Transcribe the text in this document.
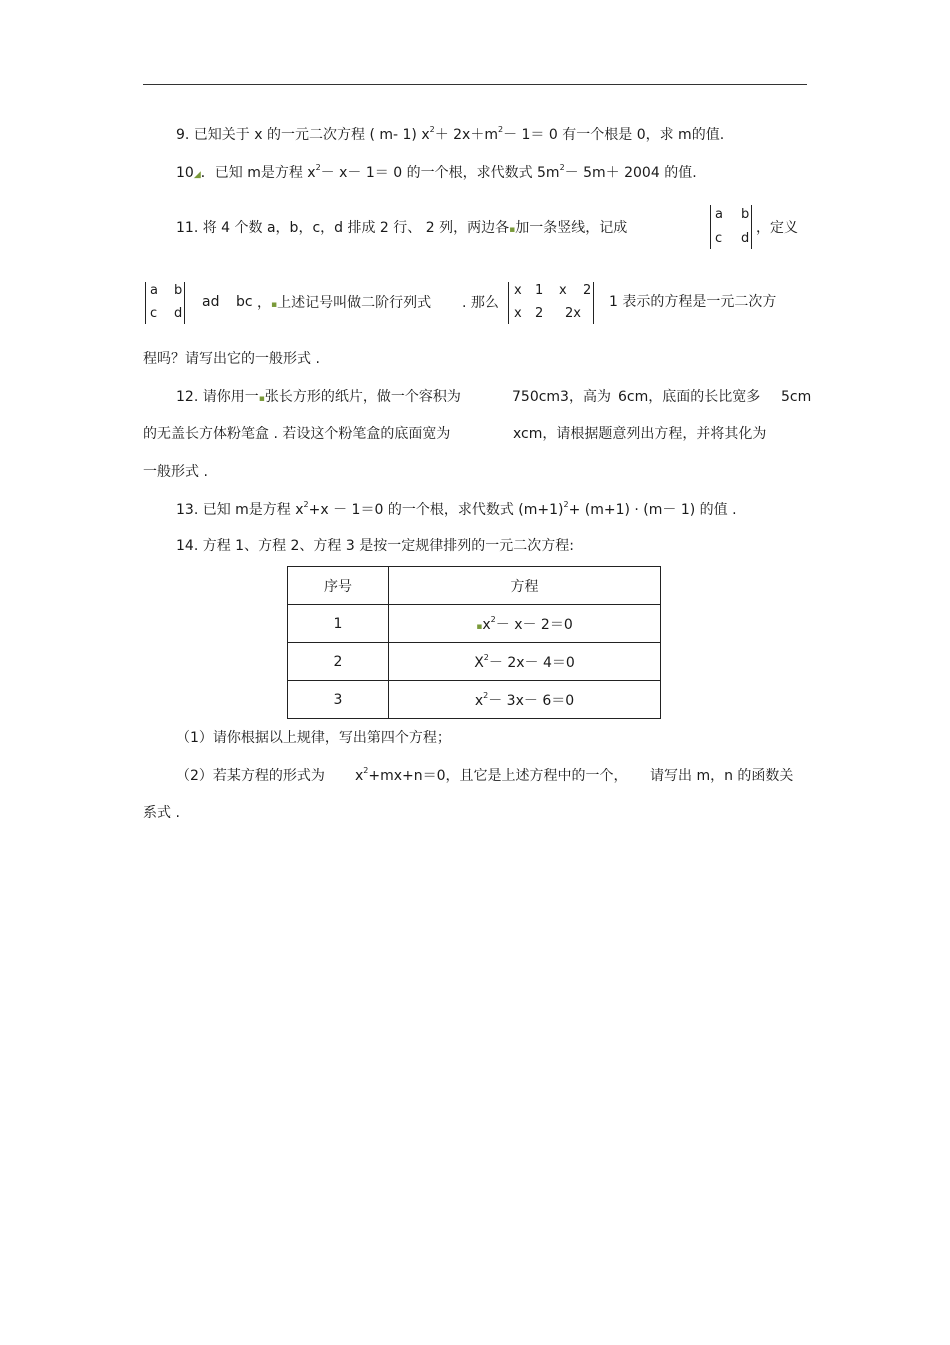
9. 已知关于 x 的一元二次方程 ( m- 1) $x^2+ 2x+m^2- 1= 0$ 有一个根是 0，求 m的值.
10◢．已知 m是方程 $x^2- x- 1= 0$ 的一个根，求代数式 $5m^2- 5m+ 2004$ 的值.
11. 将 4 个数 a，b，c，d 排成 2 行、 2 列，两边各▪加一条竖线，记成
a b
c d
，定义
a b
c d
ad bc ，▪上述记号叫做二阶行列式 . 那么
x 1 x 2
x 2 2x
1 表示的方程是一元二次方
程吗？请写出它的一般形式 .
12. 请你用一▪张长方形的纸片，做一个容积为	750cm3，高为 6cm，底面的长比宽多 5cm
的无盖长方体粉笔盒 . 若设这个粉笔盒的底面宽为	xcm，请根据题意列出方程，并将其化为
一般形式 .
13. 已知 m是方程 $x^2+x - 1=0$ 的一个根，求代数式 $(m+1)^2+ (m+1) \cdot (m- 1)$ 的值 .
14. 方程 1、方程 2、方程 3 是按一定规律排列的一元二次方程:
序号	方程
1	$▪x^2- x- 2=0$
2	$X^2- 2x- 4=0$
3	$x^2- 3x- 6=0$
（1）请你根据以上规律，写出第四个方程；
（2）若某方程的形式为 $x^2+mx+n=0$，且它是上述方程中的一个， 请写出 m，n 的函数关
系式 .
